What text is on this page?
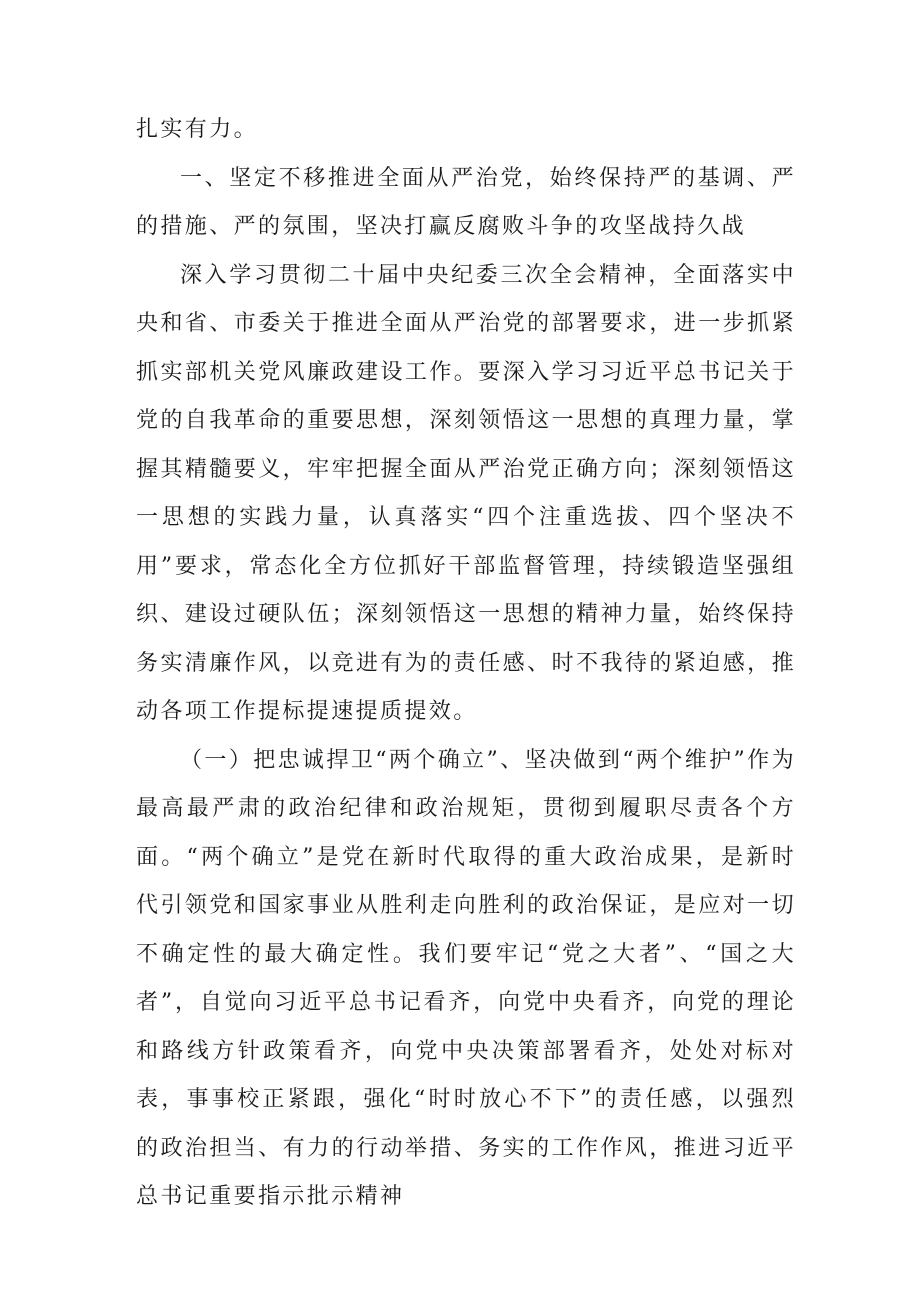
扎实有力。

一、坚定不移推进全面从严治党，始终保持严的基调、严的措施、严的氛围，坚决打赢反腐败斗争的攻坚战持久战

深入学习贯彻二十届中央纪委三次全会精神，全面落实中央和省、市委关于推进全面从严治党的部署要求，进一步抓紧抓实部机关党风廉政建设工作。要深入学习习近平总书记关于党的自我革命的重要思想，深刻领悟这一思想的真理力量，掌握其精髓要义，牢牢把握全面从严治党正确方向；深刻领悟这一思想的实践力量，认真落实“四个注重选拔、四个坚决不用”要求，常态化全方位抓好干部监督管理，持续锻造坚强组织、建设过硬队伍；深刻领悟这一思想的精神力量，始终保持务实清廉作风，以竞进有为的责任感、时不我待的紧迫感，推动各项工作提标提速提质提效。

（一）把忠诚捍卫“两个确立”、坚决做到“两个维护”作为最高最严肃的政治纪律和政治规矩，贯彻到履职尽责各个方面。“两个确立”是党在新时代取得的重大政治成果，是新时代引领党和国家事业从胜利走向胜利的政治保证，是应对一切不确定性的最大确定性。我们要牢记“党之大者”、“国之大者”，自觉向习近平总书记看齐，向党中央看齐，向党的理论和路线方针政策看齐，向党中央决策部署看齐，处处对标对表，事事校正紧跟，强化“时时放心不下”的责任感，以强烈的政治担当、有力的行动举措、务实的工作作风，推进习近平总书记重要指示批示精神
